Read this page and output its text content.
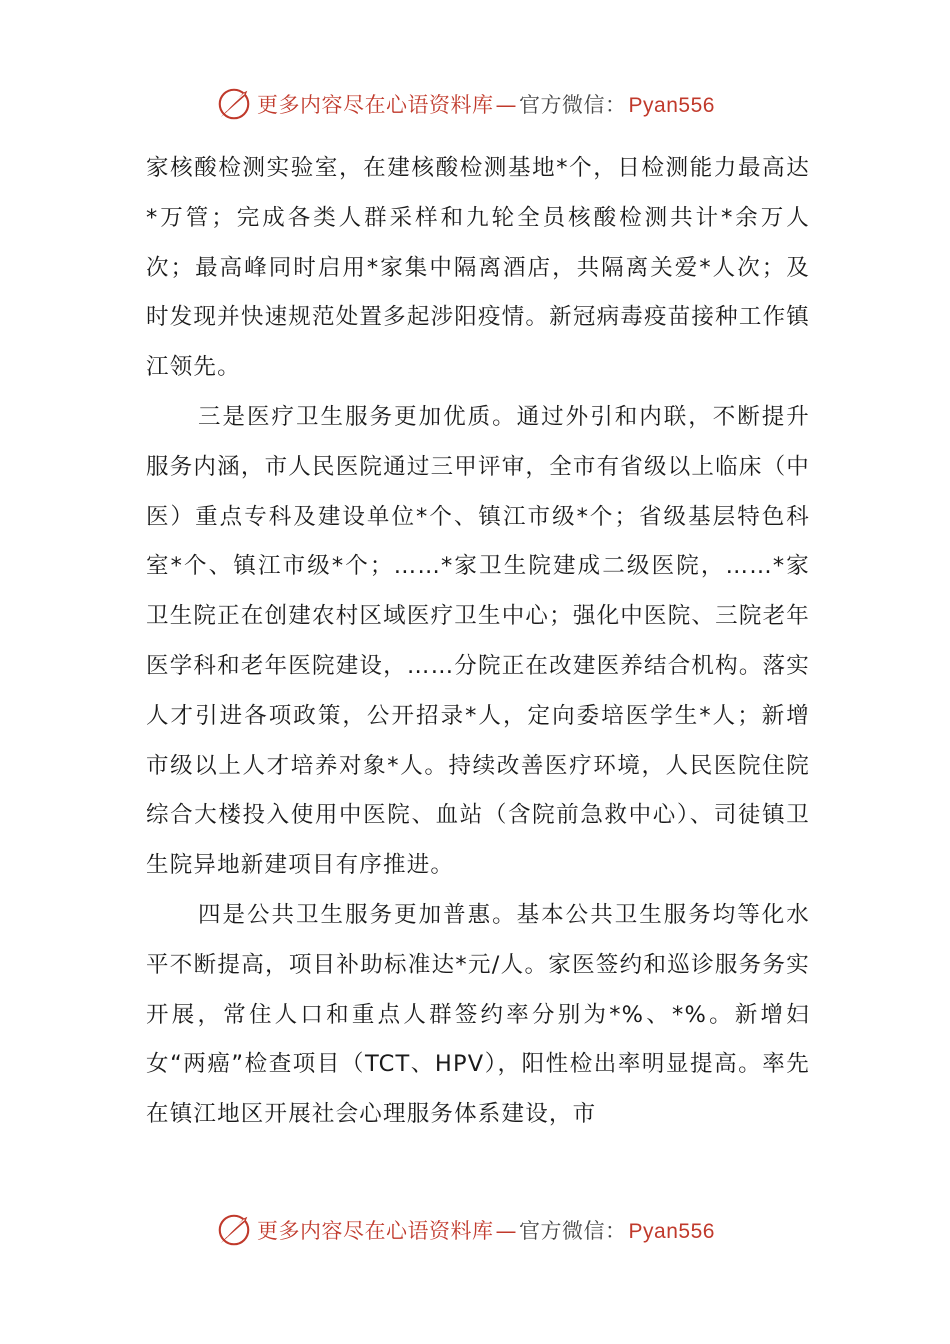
更多内容尽在心语资料库 — 官方微信： Pyan556

家核酸检测实验室，在建核酸检测基地*个，日检测能力最高达*万管；完成各类人群采样和九轮全员核酸检测共计*余万人次；最高峰同时启用*家集中隔离酒店，共隔离关爱*人次；及时发现并快速规范处置多起涉阳疫情。新冠病毒疫苗接种工作镇江领先。

三是医疗卫生服务更加优质。通过外引和内联，不断提升服务内涵，市人民医院通过三甲评审，全市有省级以上临床（中医）重点专科及建设单位*个、镇江市级*个；省级基层特色科室*个、镇江市级*个；……*家卫生院建成二级医院，……*家卫生院正在创建农村区域医疗卫生中心；强化中医院、三院老年医学科和老年医院建设，……分院正在改建医养结合机构。落实人才引进各项政策，公开招录*人，定向委培医学生*人；新增市级以上人才培养对象*人。持续改善医疗环境，人民医院住院综合大楼投入使用中医院、血站（含院前急救中心）、司徒镇卫生院异地新建项目有序推进。

四是公共卫生服务更加普惠。基本公共卫生服务均等化水平不断提高，项目补助标准达*元/人。家医签约和巡诊服务务实开展，常住人口和重点人群签约率分别为*%、*%。新增妇女“两癌”检查项目（TCT、HPV），阳性检出率明显提高。率先在镇江地区开展社会心理服务体系建设，市

更多内容尽在心语资料库 — 官方微信： Pyan556
